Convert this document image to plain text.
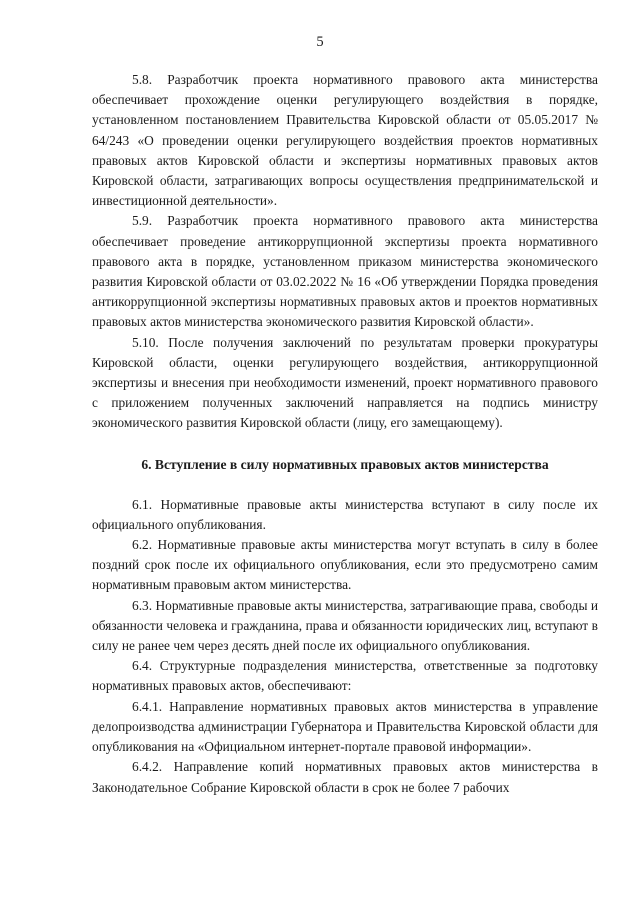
5

5.8. Разработчик проекта нормативного правового акта министерства обеспечивает прохождение оценки регулирующего воздействия в порядке, установленном постановлением Правительства Кировской области от 05.05.2017 № 64/243 «О проведении оценки регулирующего воздействия проектов нормативных правовых актов Кировской области и экспертизы нормативных правовых актов Кировской области, затрагивающих вопросы осуществления предпринимательской и инвестиционной деятельности».

5.9. Разработчик проекта нормативного правового акта министерства обеспечивает проведение антикоррупционной экспертизы проекта нормативного правового акта в порядке, установленном приказом министерства экономического развития Кировской области от 03.02.2022 № 16 «Об утверждении Порядка проведения антикоррупционной экспертизы нормативных правовых актов и проектов нормативных правовых актов министерства экономического развития Кировской области».

5.10. После получения заключений по результатам проверки прокуратуры Кировской области, оценки регулирующего воздействия, антикоррупционной экспертизы и внесения при необходимости изменений, проект нормативного правового с приложением полученных заключений направляется на подпись министру экономического развития Кировской области (лицу, его замещающему).

6. Вступление в силу нормативных правовых актов министерства

6.1. Нормативные правовые акты министерства вступают в силу после их официального опубликования.

6.2. Нормативные правовые акты министерства могут вступать в силу в более поздний срок после их официального опубликования, если это предусмотрено самим нормативным правовым актом министерства.

6.3. Нормативные правовые акты министерства, затрагивающие права, свободы и обязанности человека и гражданина, права и обязанности юридических лиц, вступают в силу не ранее чем через десять дней после их официального опубликования.

6.4. Структурные подразделения министерства, ответственные за подготовку нормативных правовых актов, обеспечивают:

6.4.1. Направление нормативных правовых актов министерства в управление делопроизводства администрации Губернатора и Правительства Кировской области для опубликования на «Официальном интернет-портале правовой информации».

6.4.2. Направление копий нормативных правовых актов министерства в Законодательное Собрание Кировской области в срок не более 7 рабочих
